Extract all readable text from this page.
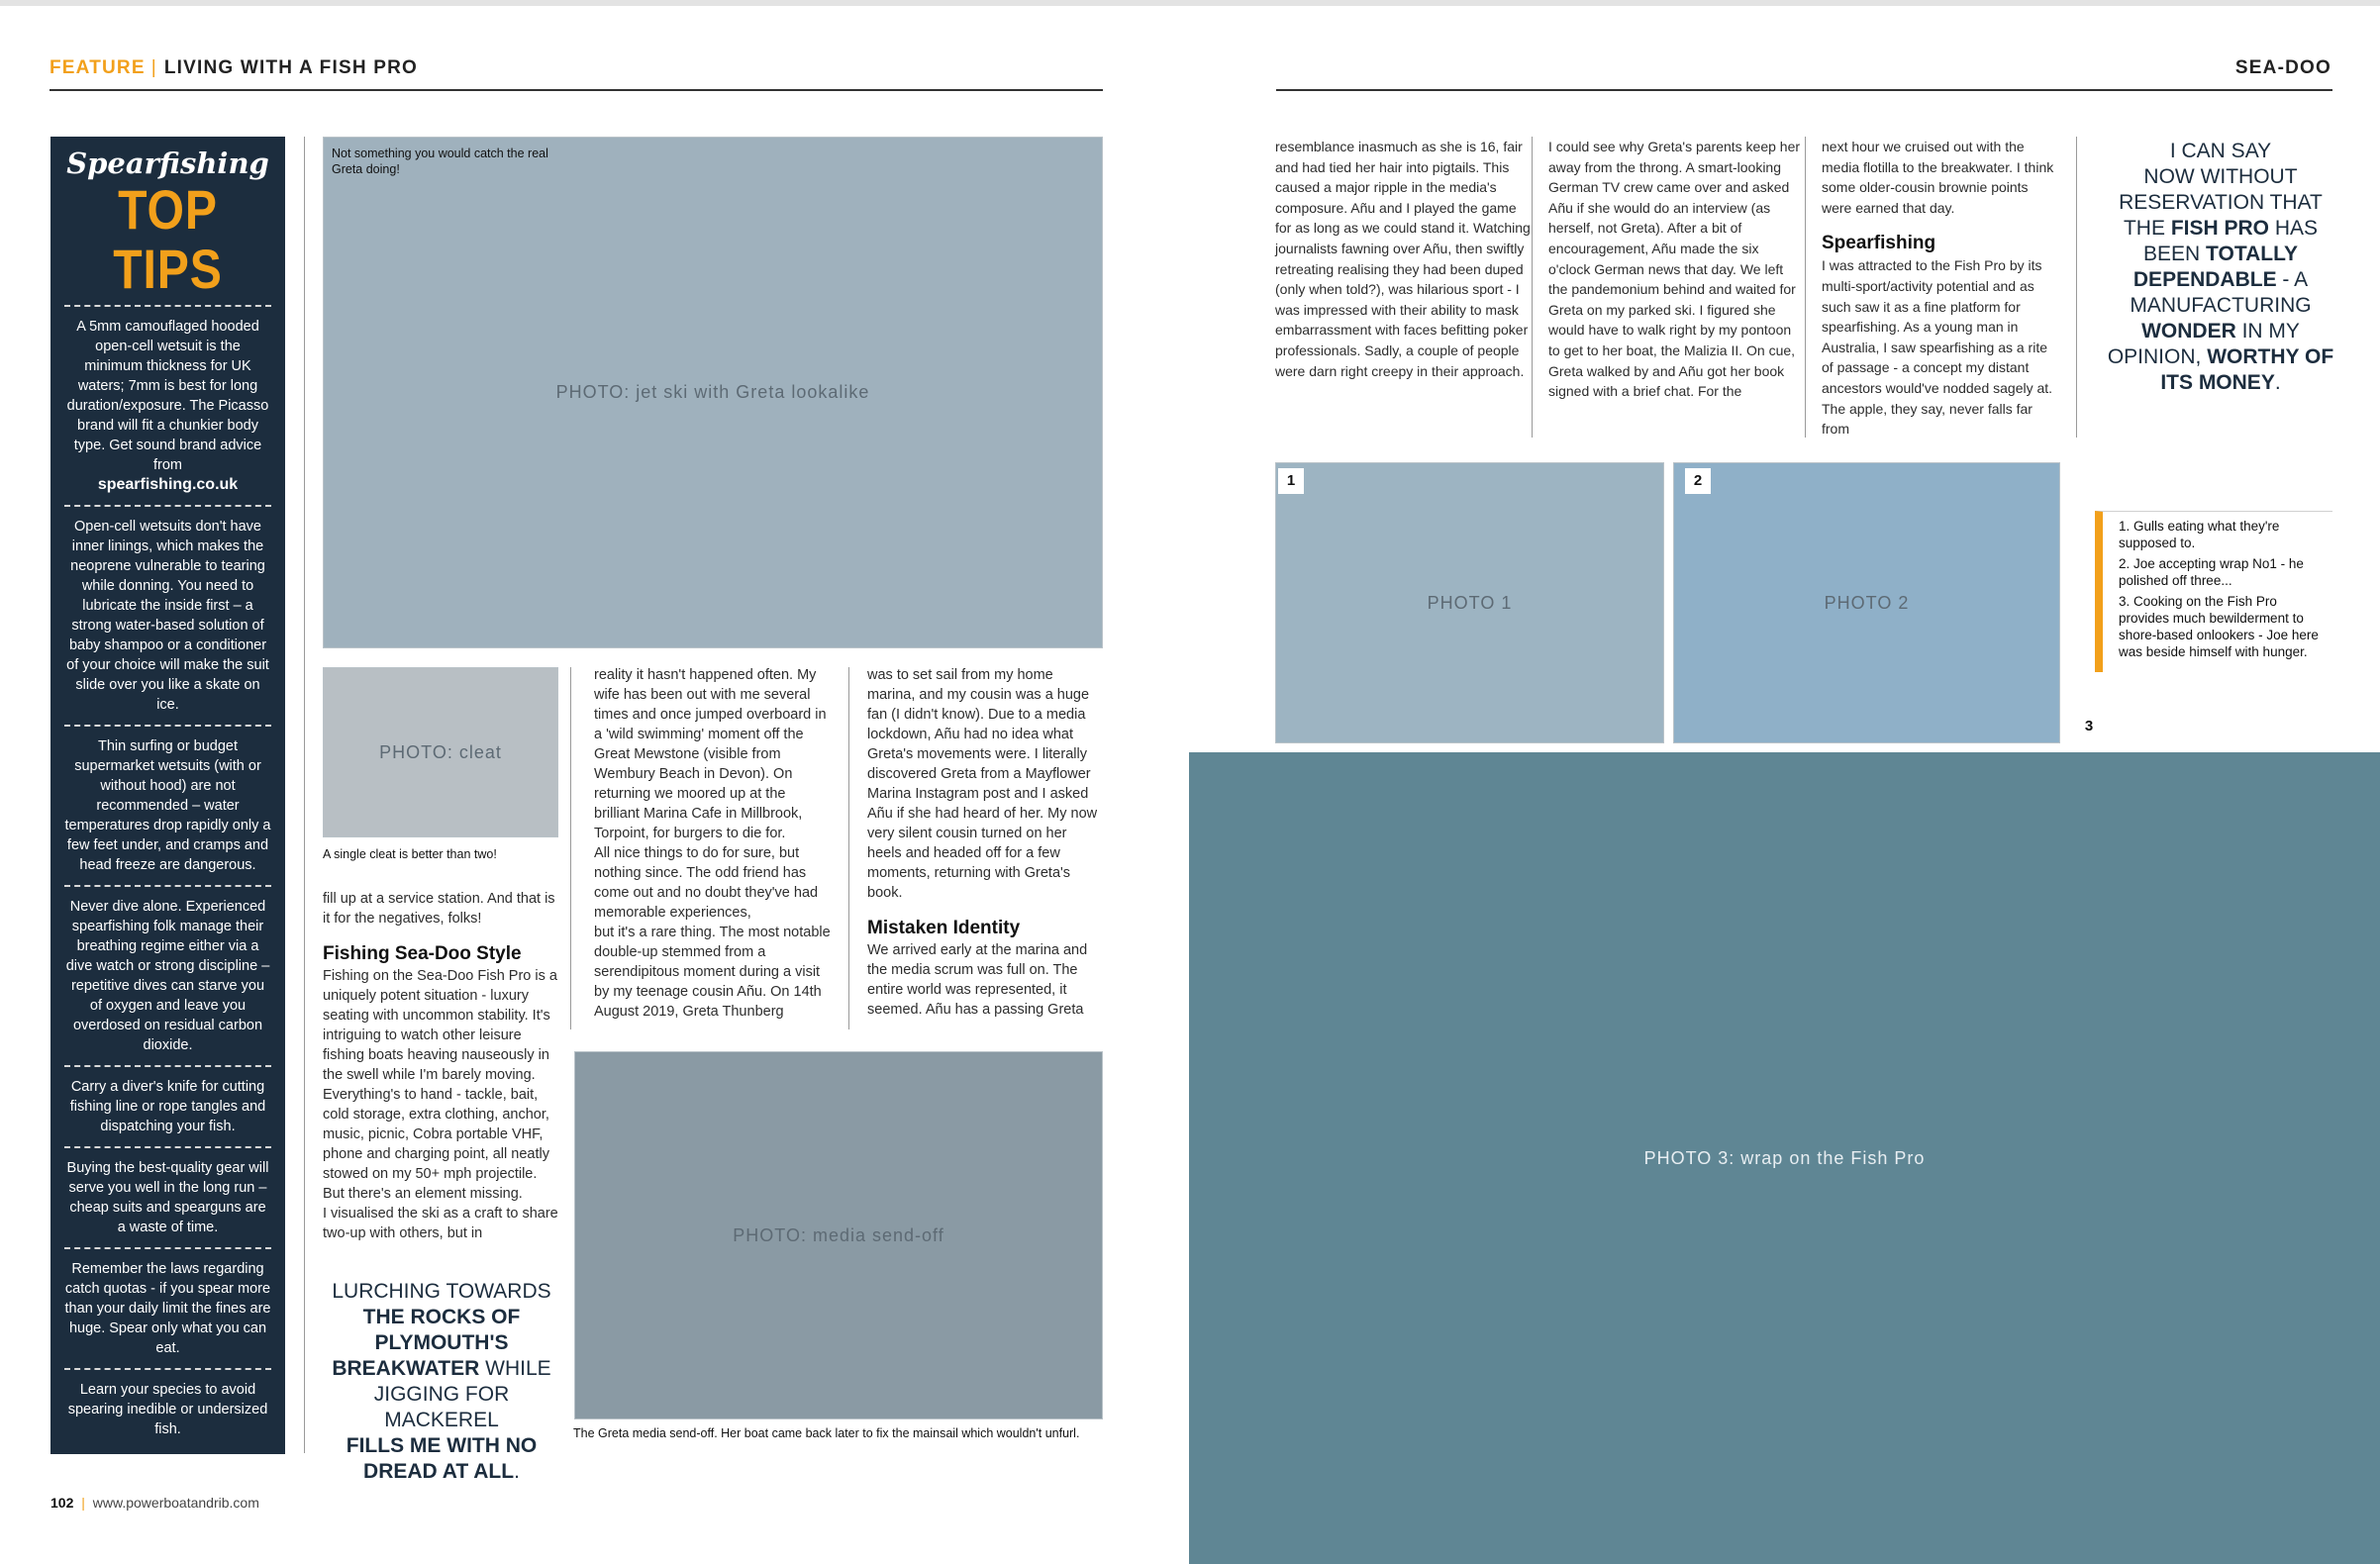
FEATURE | LIVING WITH A FISH PRO	SEA-DOO
Spearfishing
TOP TIPS
A 5mm camouflaged hooded open-cell wetsuit is the minimum thickness for UK waters; 7mm is best for long duration/exposure. The Picasso brand will fit a chunkier body type. Get sound brand advice from
spearfishing.co.uk
Open-cell wetsuits don't have inner linings, which makes the neoprene vulnerable to tearing while donning. You need to lubricate the inside first – a strong water-based solution of baby shampoo or a conditioner of your choice will make the suit slide over you like a skate on ice.
Thin surfing or budget supermarket wetsuits (with or without hood) are not recommended – water temperatures drop rapidly only a few feet under, and cramps and head freeze are dangerous.
Never dive alone. Experienced spearfishing folk manage their breathing regime either via a dive watch or strong discipline – repetitive dives can starve you of oxygen and leave you overdosed on residual carbon dioxide.
Carry a diver's knife for cutting fishing line or rope tangles and dispatching your fish.
Buying the best-quality gear will serve you well in the long run – cheap suits and spearguns are a waste of time.
Remember the laws regarding catch quotas - if you spear more than your daily limit the fines are huge. Spear only what you can eat.
Learn your species to avoid spearing inedible or undersized fish.
PHOTO: jet ski with Greta lookalike
Not something you would catch the real Greta doing!
PHOTO: cleat
A single cleat is better than two!

fill up at a service station. And that is it for the negatives, folks!

Fishing Sea-Doo Style

Fishing on the Sea-Doo Fish Pro is a uniquely potent situation - luxury seating with uncommon stability. It's intriguing to watch other leisure fishing boats heaving nauseously in the swell while I'm barely moving. Everything's to hand - tackle, bait, cold storage, extra clothing, anchor, music, picnic, Cobra portable VHF, phone and charging point, all neatly stowed on my 50+ mph projectile. But there's an element missing.

I visualised the ski as a craft to share two-up with others, but in

LURCHING TOWARDS
THE ROCKS OF
PLYMOUTH'S
BREAKWATER WHILE
JIGGING FOR MACKEREL
FILLS ME WITH NO
DREAD AT ALL.

reality it hasn't happened often. My wife has been out with me several times and once jumped overboard in a 'wild swimming' moment off the Great Mewstone (visible from Wembury Beach in Devon). On returning we moored up at the brilliant Marina Cafe in Millbrook, Torpoint, for burgers to die for.

All nice things to do for sure, but nothing since. The odd friend has come out and no doubt they've had memorable experiences,

but it's a rare thing. The most notable double-up stemmed from a serendipitous moment during a visit by my teenage cousin Añu. On 14th August 2019, Greta Thunberg

was to set sail from my home marina, and my cousin was a huge fan (I didn't know). Due to a media lockdown, Añu had no idea what Greta's movements were. I literally discovered Greta from a Mayflower Marina Instagram post and I asked Añu if she had heard of her. My now very silent cousin turned on her heels and headed off for a few moments, returning with Greta's book.

Mistaken Identity

We arrived early at the marina and the media scrum was full on. The entire world was represented, it seemed. Añu has a passing Greta

PHOTO: media send-off
The Greta media send-off. Her boat came back later to fix the mainsail which wouldn't unfurl.
102 | www.powerboatandrib.com

resemblance inasmuch as she is 16, fair and had tied her hair into pigtails. This caused a major ripple in the media's composure. Añu and I played the game for as long as we could stand it. Watching journalists fawning over Añu, then swiftly retreating realising they had been duped (only when told?), was hilarious sport - I was impressed with their ability to mask embarrassment with faces befitting poker professionals. Sadly, a couple of people were darn right creepy in their approach.

I could see why Greta's parents keep her away from the throng. A smart-looking German TV crew came over and asked Añu if she would do an interview (as herself, not Greta). After a bit of encouragement, Añu made the six o'clock German news that day. We left the pandemonium behind and waited for Greta on my parked ski. I figured she would have to walk right by my pontoon to get to her boat, the Malizia II. On cue, Greta walked by and Añu got her book signed with a brief chat. For the

next hour we cruised out with the media flotilla to the breakwater. I think some older-cousin brownie points were earned that day.

Spearfishing

I was attracted to the Fish Pro by its multi-sport/activity potential and as such saw it as a fine platform for spearfishing. As a young man in Australia, I saw spearfishing as a rite of passage - a concept my distant ancestors would've nodded sagely at. The apple, they say, never falls far from

I CAN SAY
NOW WITHOUT
RESERVATION THAT
THE FISH PRO HAS
BEEN TOTALLY
DEPENDABLE - A
MANUFACTURING
WONDER IN MY
OPINION, WORTHY OF
ITS MONEY.
PHOTO 1
1
PHOTO 2
2
1. Gulls eating what they're supposed to.
2. Joe accepting wrap No1 - he polished off three...
3. Cooking on the Fish Pro provides much bewilderment to shore-based onlookers - Joe here was beside himself with hunger.
PHOTO 3: wrap on the Fish Pro
3
